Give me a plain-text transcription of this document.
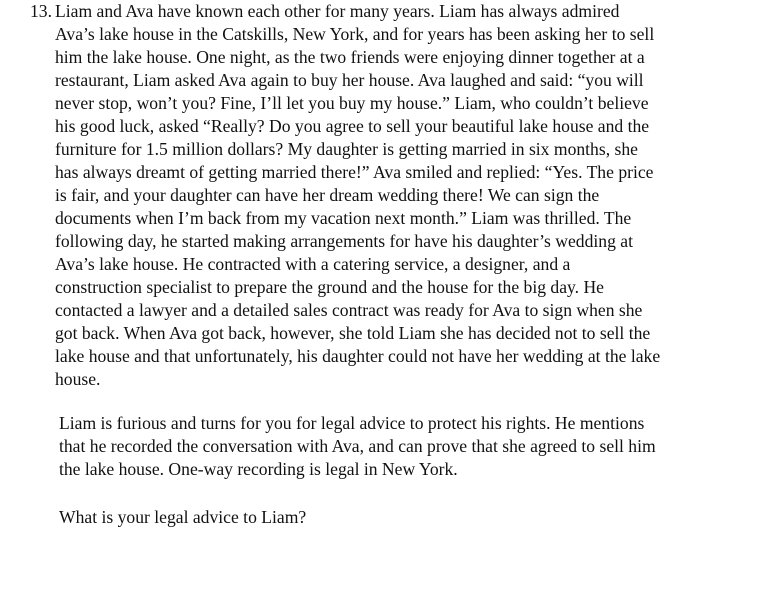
13. Liam and Ava have known each other for many years. Liam has always admired
Ava’s lake house in the Catskills, New York, and for years has been asking her to sell
him the lake house. One night, as the two friends were enjoying dinner together at a
restaurant, Liam asked Ava again to buy her house. Ava laughed and said: “you will
never stop, won’t you? Fine, I’ll let you buy my house.” Liam, who couldn’t believe
his good luck, asked “Really? Do you agree to sell your beautiful lake house and the
furniture for 1.5 million dollars? My daughter is getting married in six months, she
has always dreamt of getting married there!” Ava smiled and replied: “Yes. The price
is fair, and your daughter can have her dream wedding there! We can sign the
documents when I’m back from my vacation next month.” Liam was thrilled. The
following day, he started making arrangements for have his daughter’s wedding at
Ava’s lake house. He contracted with a catering service, a designer, and a
construction specialist to prepare the ground and the house for the big day. He
contacted a lawyer and a detailed sales contract was ready for Ava to sign when she
got back. When Ava got back, however, she told Liam she has decided not to sell the
lake house and that unfortunately, his daughter could not have her wedding at the lake
house.

Liam is furious and turns for you for legal advice to protect his rights. He mentions
that he recorded the conversation with Ava, and can prove that she agreed to sell him
the lake house. One-way recording is legal in New York.

What is your legal advice to Liam?
